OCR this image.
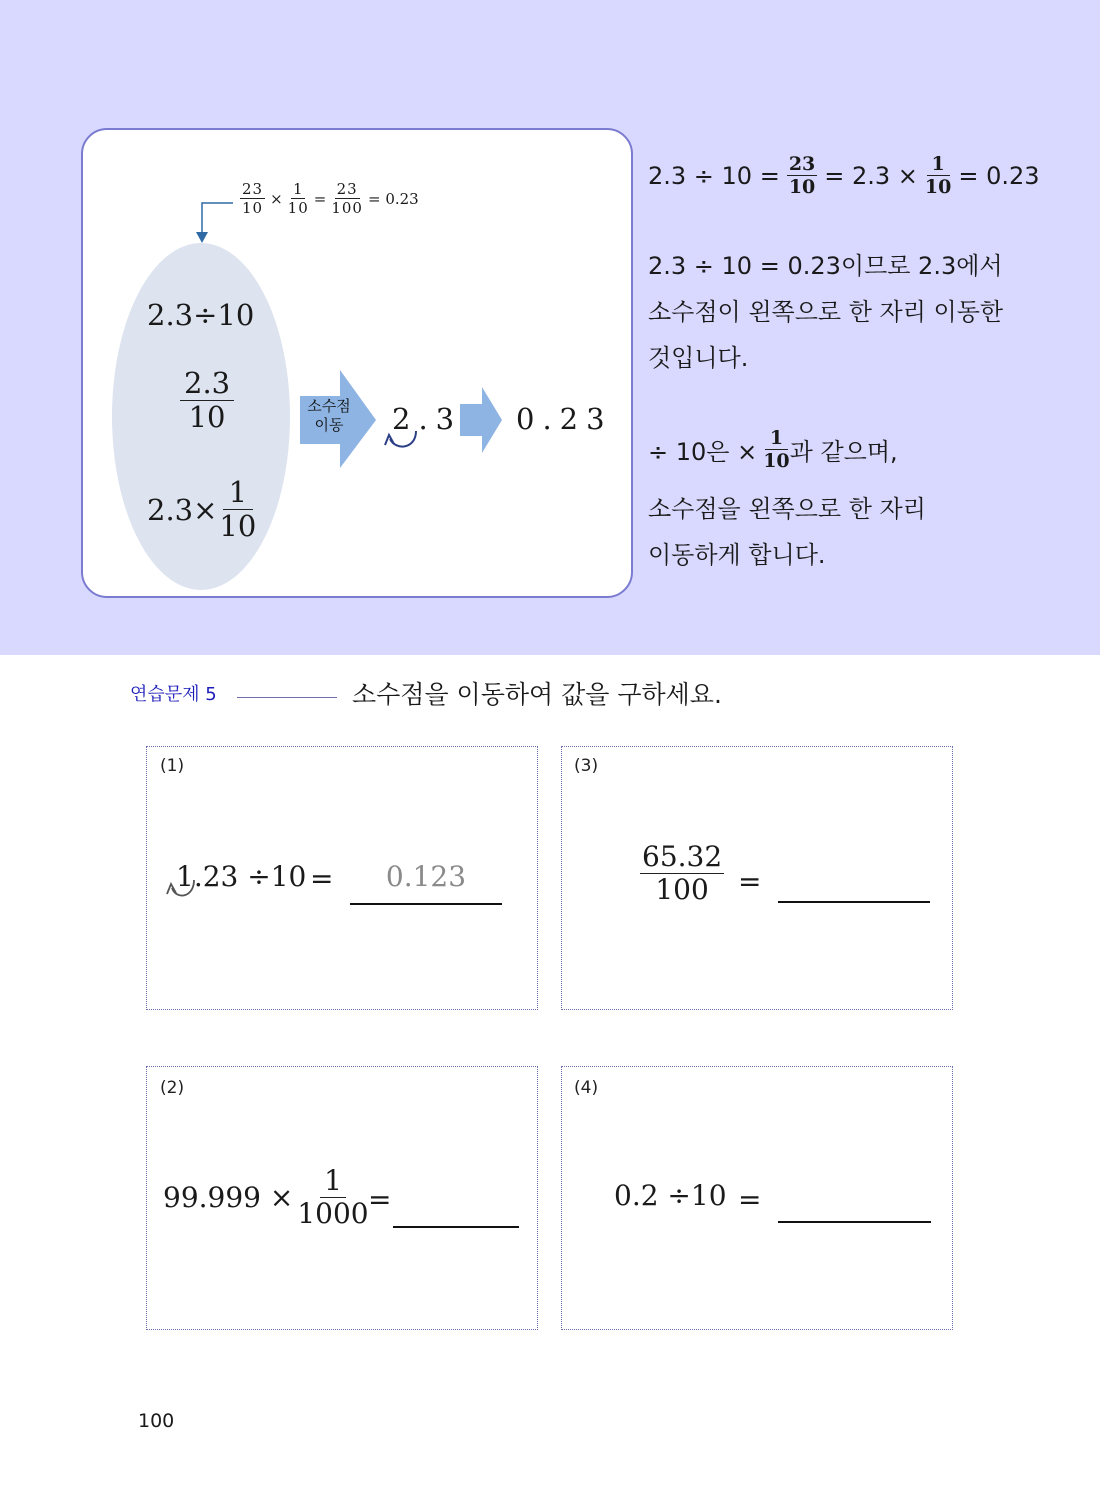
$\frac{23}{10} \times \frac{1}{10} = \frac{23}{100} = 0.23$
2.3÷10
$\frac{2.3}{10}$
$2.3\times \frac{1}{10}$
소수점
이동	2 . 3 0 . 2 3
$2.3 \div 10 = \frac{23}{10} = 2.3 \times \frac{1}{10} = 0.23$
2.3 ÷ 10 = 0.23이므로 2.3에서
소수점이 왼쪽으로 한 자리 이동한
것입니다.
÷ 10은 × $\frac{1}{10}$ 과 같으며,
소수점을 왼쪽으로 한 자리
이동하게 합니다.
연습문제 5	소수점을 이동하여 값을 구하세요.
(1)
1.23 ÷10 =	0.123
(3)
$\frac{65.32}{100}$ =
(2)
$99.999 \times \frac{1}{1000}$ =
(4)
0.2 ÷10 =
100
